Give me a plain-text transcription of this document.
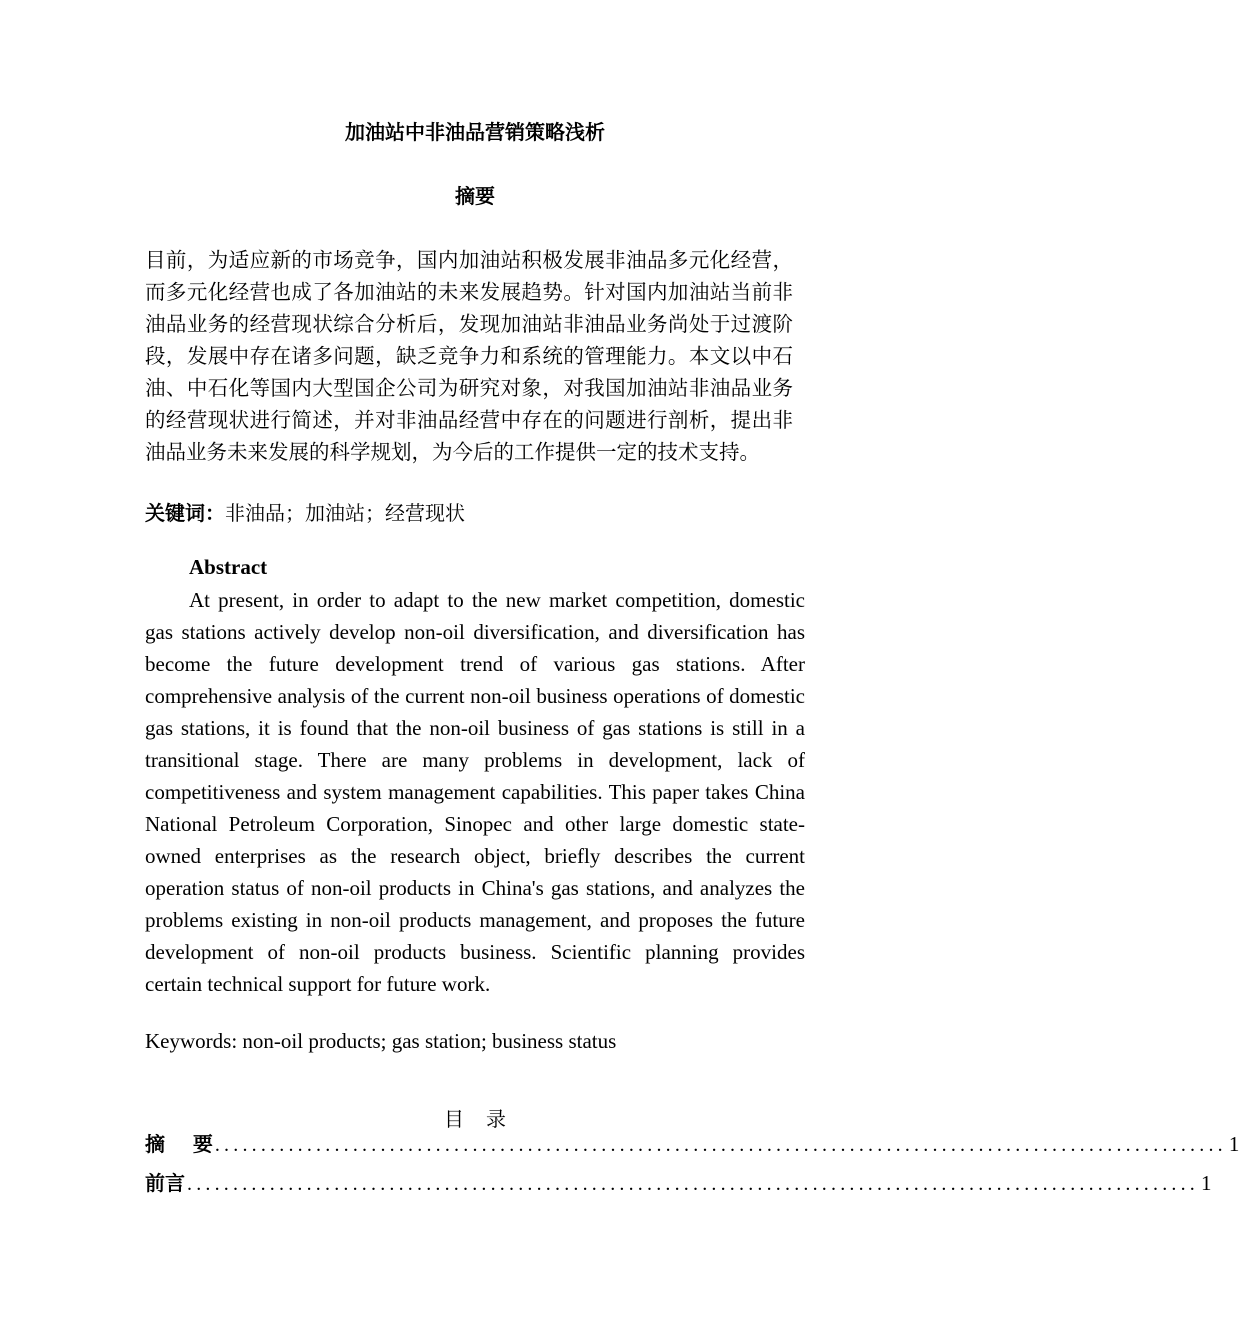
加油站中非油品营销策略浅析
摘要

目前，为适应新的市场竞争，国内加油站积极发展非油品多元化经营，而多元化经营也成了各加油站的未来发展趋势。针对国内加油站当前非油品业务的经营现状综合分析后，发现加油站非油品业务尚处于过渡阶段，发展中存在诸多问题，缺乏竞争力和系统的管理能力。本文以中石油、中石化等国内大型国企公司为研究对象，对我国加油站非油品业务的经营现状进行简述，并对非油品经营中存在的问题进行剖析，提出非油品业务未来发展的科学规划，为今后的工作提供一定的技术支持。

关键词：非油品；加油站；经营现状
Abstract

At present, in order to adapt to the new market competition, domestic gas stations actively develop non-oil diversification, and diversification has become the future development trend of various gas stations. After comprehensive analysis of the current non-oil business operations of domestic gas stations, it is found that the non-oil business of gas stations is still in a transitional stage. There are many problems in development, lack of competitiveness and system management capabilities. This paper takes China National Petroleum Corporation, Sinopec and other large domestic state-owned enterprises as the research object, briefly describes the current operation status of non-oil products in China's gas stations, and analyzes the problems existing in non-oil products management, and proposes the future development of non-oil products business. Scientific planning provides certain technical support for future work.

Keywords: non-oil products; gas station; business status
目录
摘    要 .............................................................................................................. 1
前言 .............................................................................................................. 1
